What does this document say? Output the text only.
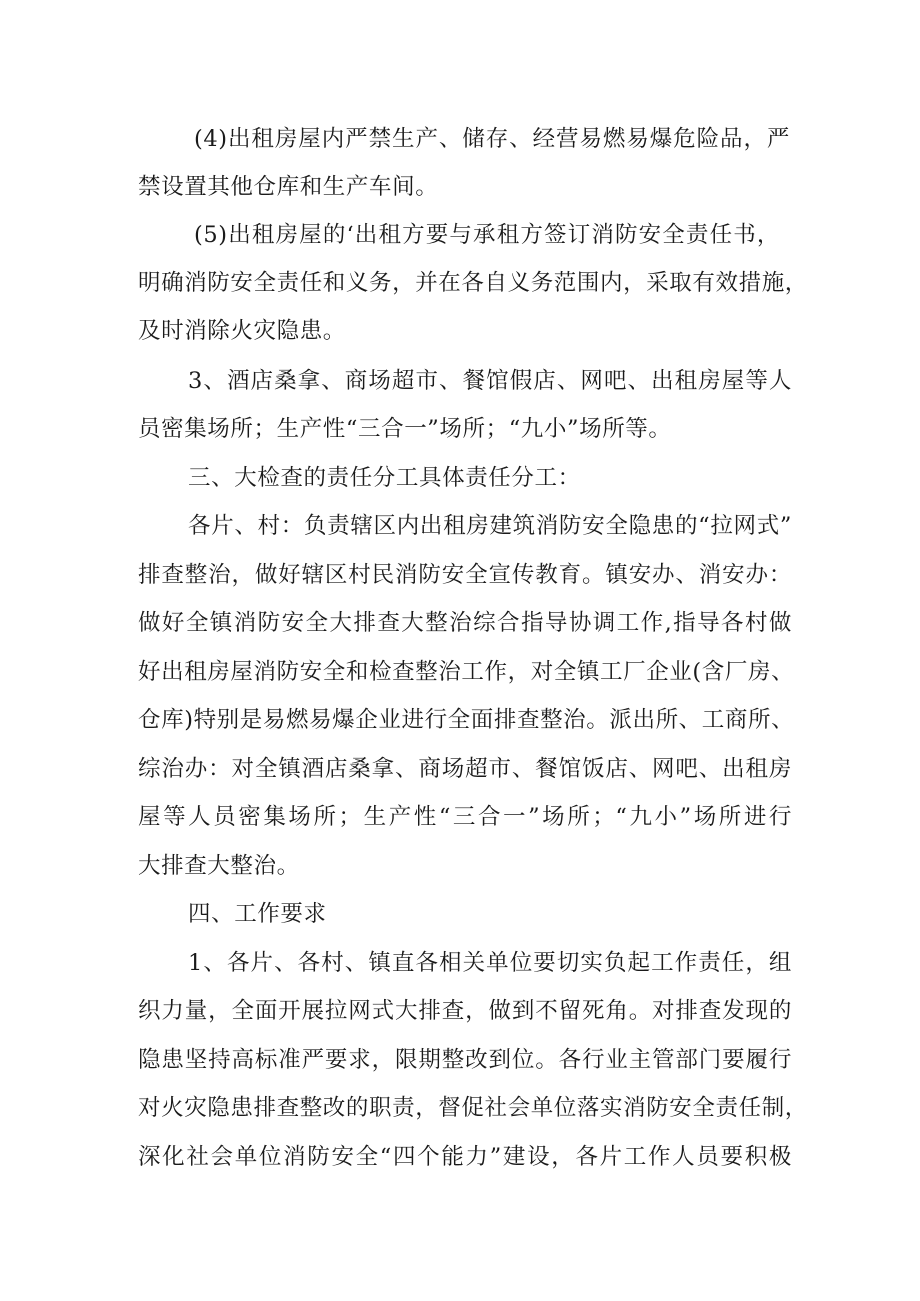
(4)出租房屋内严禁生产、储存、经营易燃易爆危险品，严
禁设置其他仓库和生产车间。
(5)出租房屋的‘出租方要与承租方签订消防安全责任书，
明确消防安全责任和义务，并在各自义务范围内，采取有效措施，
及时消除火灾隐患。
3、酒店桑拿、商场超市、餐馆假店、网吧、出租房屋等人
员密集场所；生产性“三合一”场所；“九小”场所等。
三、大检查的责任分工具体责任分工：
各片、村：负责辖区内出租房建筑消防安全隐患的“拉网式”
排查整治，做好辖区村民消防安全宣传教育。镇安办、消安办：
做好全镇消防安全大排查大整治综合指导协调工作,指导各村做
好出租房屋消防安全和检查整治工作，对全镇工厂企业(含厂房、
仓库)特别是易燃易爆企业进行全面排查整治。派出所、工商所、
综治办：对全镇酒店桑拿、商场超市、餐馆饭店、网吧、出租房
屋等人员密集场所；生产性“三合一”场所；“九小”场所进行
大排查大整治。
四、工作要求
1、各片、各村、镇直各相关单位要切实负起工作责任，组
织力量，全面开展拉网式大排查，做到不留死角。对排查发现的
隐患坚持高标准严要求，限期整改到位。各行业主管部门要履行
对火灾隐患排查整改的职责，督促社会单位落实消防安全责任制，
深化社会单位消防安全“四个能力”建设，各片工作人员要积极
